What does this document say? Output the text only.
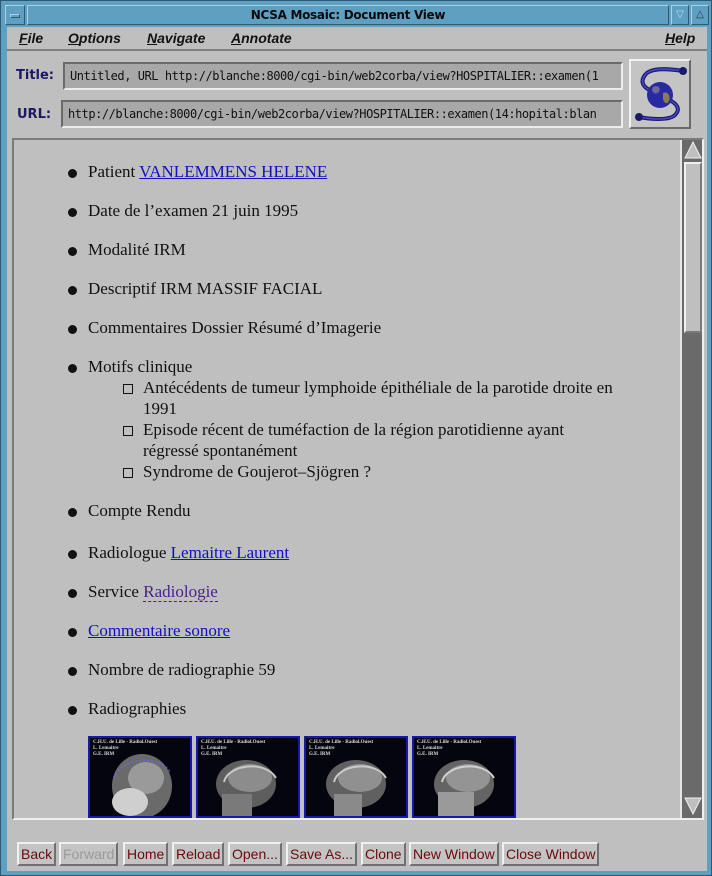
NCSA Mosaic: Document View	▽	△
File Options Navigate Annotate	Help
Title:	Untitled, URL http://blanche:8000/cgi-bin/web2corba/view?HOSPITALIER::examen(1
URL:	http://blanche:8000/cgi-bin/web2corba/view?HOSPITALIER::examen(14:hopital:blan
Patient VANLEMMENS HELENE
Date de l’examen 21 juin 1995
Modalité IRM
Descriptif IRM MASSIF FACIAL
Commentaires Dossier Résumé d’Imagerie
Motifs clinique
Antécédents de tumeur lymphoide épithéliale de la parotide droite en
1991
Episode récent de tuméfaction de la région parotidienne ayant
régressé spontanément
Syndrome de Goujerot–Sjögren ?
Compte Rendu
Radiologue Lemaitre Laurent
Service Radiologie
Commentaire sonore
Nombre de radiographie 59
Radiographies
C.H.U. de Lille - Radiol.Ouest
L. Lemaitre
G.E. IRM
C.H.U. de Lille - Radiol.Ouest
L. Lemaitre
G.E. IRM
C.H.U. de Lille - Radiol.Ouest
L. Lemaitre
G.E. IRM
C.H.U. de Lille - Radiol.Ouest
L. Lemaitre
G.E. IRM
Back Forward Home Reload Open... Save As... Clone New Window Close Window
